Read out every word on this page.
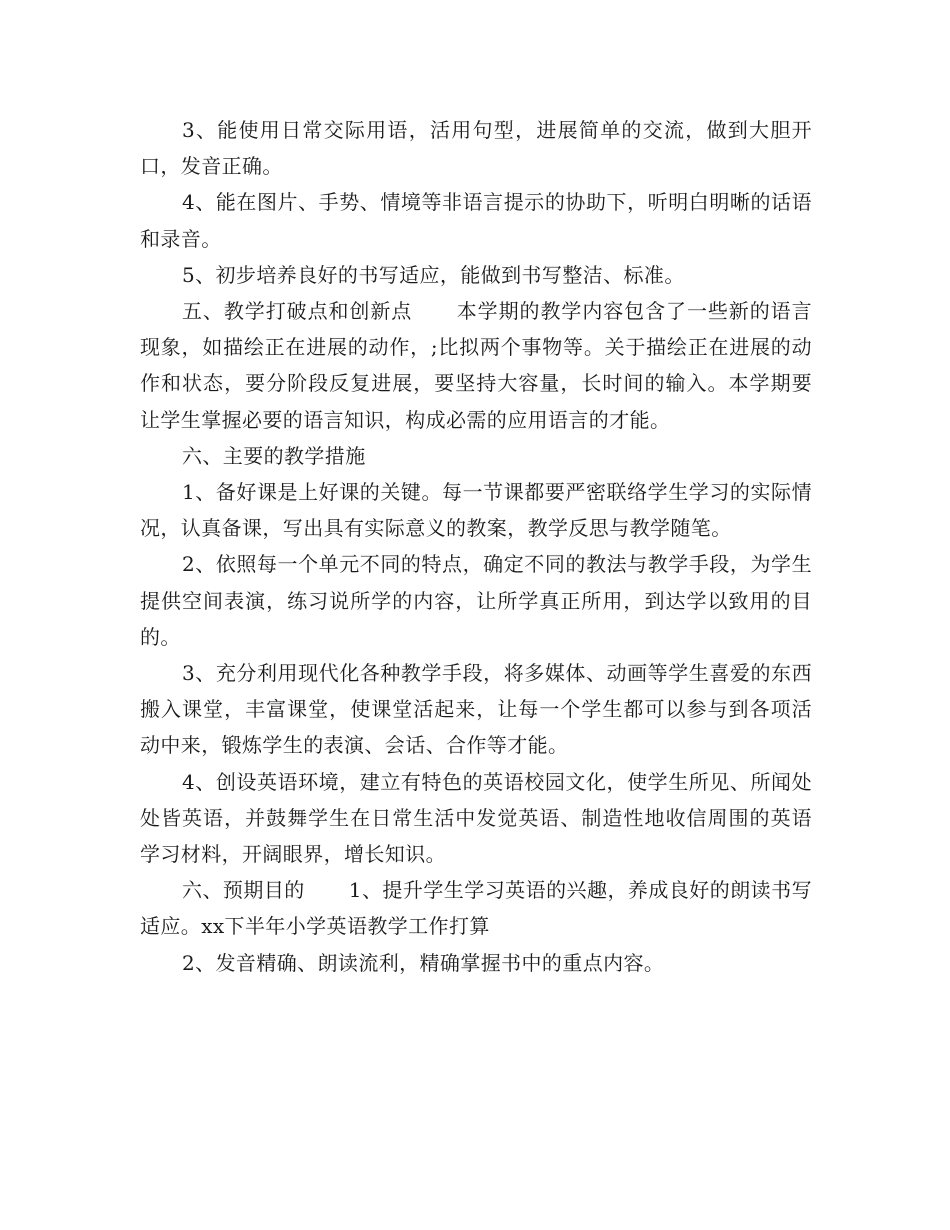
3、能使用日常交际用语，活用句型，进展简单的交流，做到大胆开口，发音正确。

4、能在图片、手势、情境等非语言提示的协助下，听明白明晰的话语和录音。

5、初步培养良好的书写适应，能做到书写整洁、标准。

五、教学打破点和创新点 本学期的教学内容包含了一些新的语言现象，如描绘正在进展的动作，;比拟两个事物等。关于描绘正在进展的动作和状态，要分阶段反复进展，要坚持大容量，长时间的输入。本学期要让学生掌握必要的语言知识，构成必需的应用语言的才能。

六、主要的教学措施

1、备好课是上好课的关键。每一节课都要严密联络学生学习的实际情况，认真备课，写出具有实际意义的教案，教学反思与教学随笔。

2、依照每一个单元不同的特点，确定不同的教法与教学手段，为学生提供空间表演，练习说所学的内容，让所学真正所用，到达学以致用的目的。

3、充分利用现代化各种教学手段，将多媒体、动画等学生喜爱的东西搬入课堂，丰富课堂，使课堂活起来，让每一个学生都可以参与到各项活动中来，锻炼学生的表演、会话、合作等才能。

4、创设英语环境，建立有特色的英语校园文化，使学生所见、所闻处处皆英语，并鼓舞学生在日常生活中发觉英语、制造性地收信周围的英语学习材料，开阔眼界，增长知识。

六、预期目的 1、提升学生学习英语的兴趣，养成良好的朗读书写适应。xx下半年小学英语教学工作打算

2、发音精确、朗读流利，精确掌握书中的重点内容。
